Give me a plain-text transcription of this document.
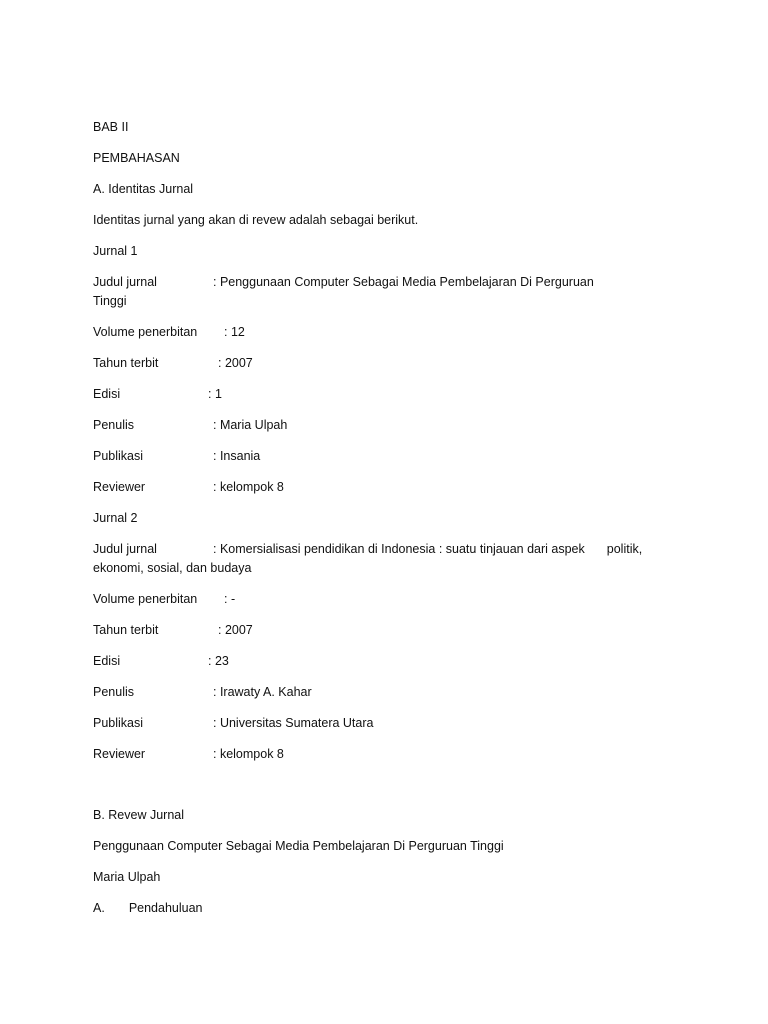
BAB II
PEMBAHASAN
A. Identitas Jurnal
Identitas jurnal yang akan di revew adalah sebagai berikut.
Jurnal 1
Judul jurnal	: Penggunaan Computer Sebagai Media Pembelajaran Di Perguruan
Tinggi
Volume penerbitan : 12
Tahun terbit	: 2007
Edisi	: 1
Penulis	: Maria Ulpah
Publikasi	: Insania
Reviewer	: kelompok 8
Jurnal 2
Judul jurnal	: Komersialisasi pendidikan di Indonesia : suatu tinjauan dari aspek politik,
ekonomi, sosial, dan budaya
Volume penerbitan : -
Tahun terbit	: 2007
Edisi	: 23
Penulis	: Irawaty A. Kahar
Publikasi	: Universitas Sumatera Utara
Reviewer	: kelompok 8
B. Revew Jurnal
Penggunaan Computer Sebagai Media Pembelajaran Di Perguruan Tinggi
Maria Ulpah
A. Pendahuluan
